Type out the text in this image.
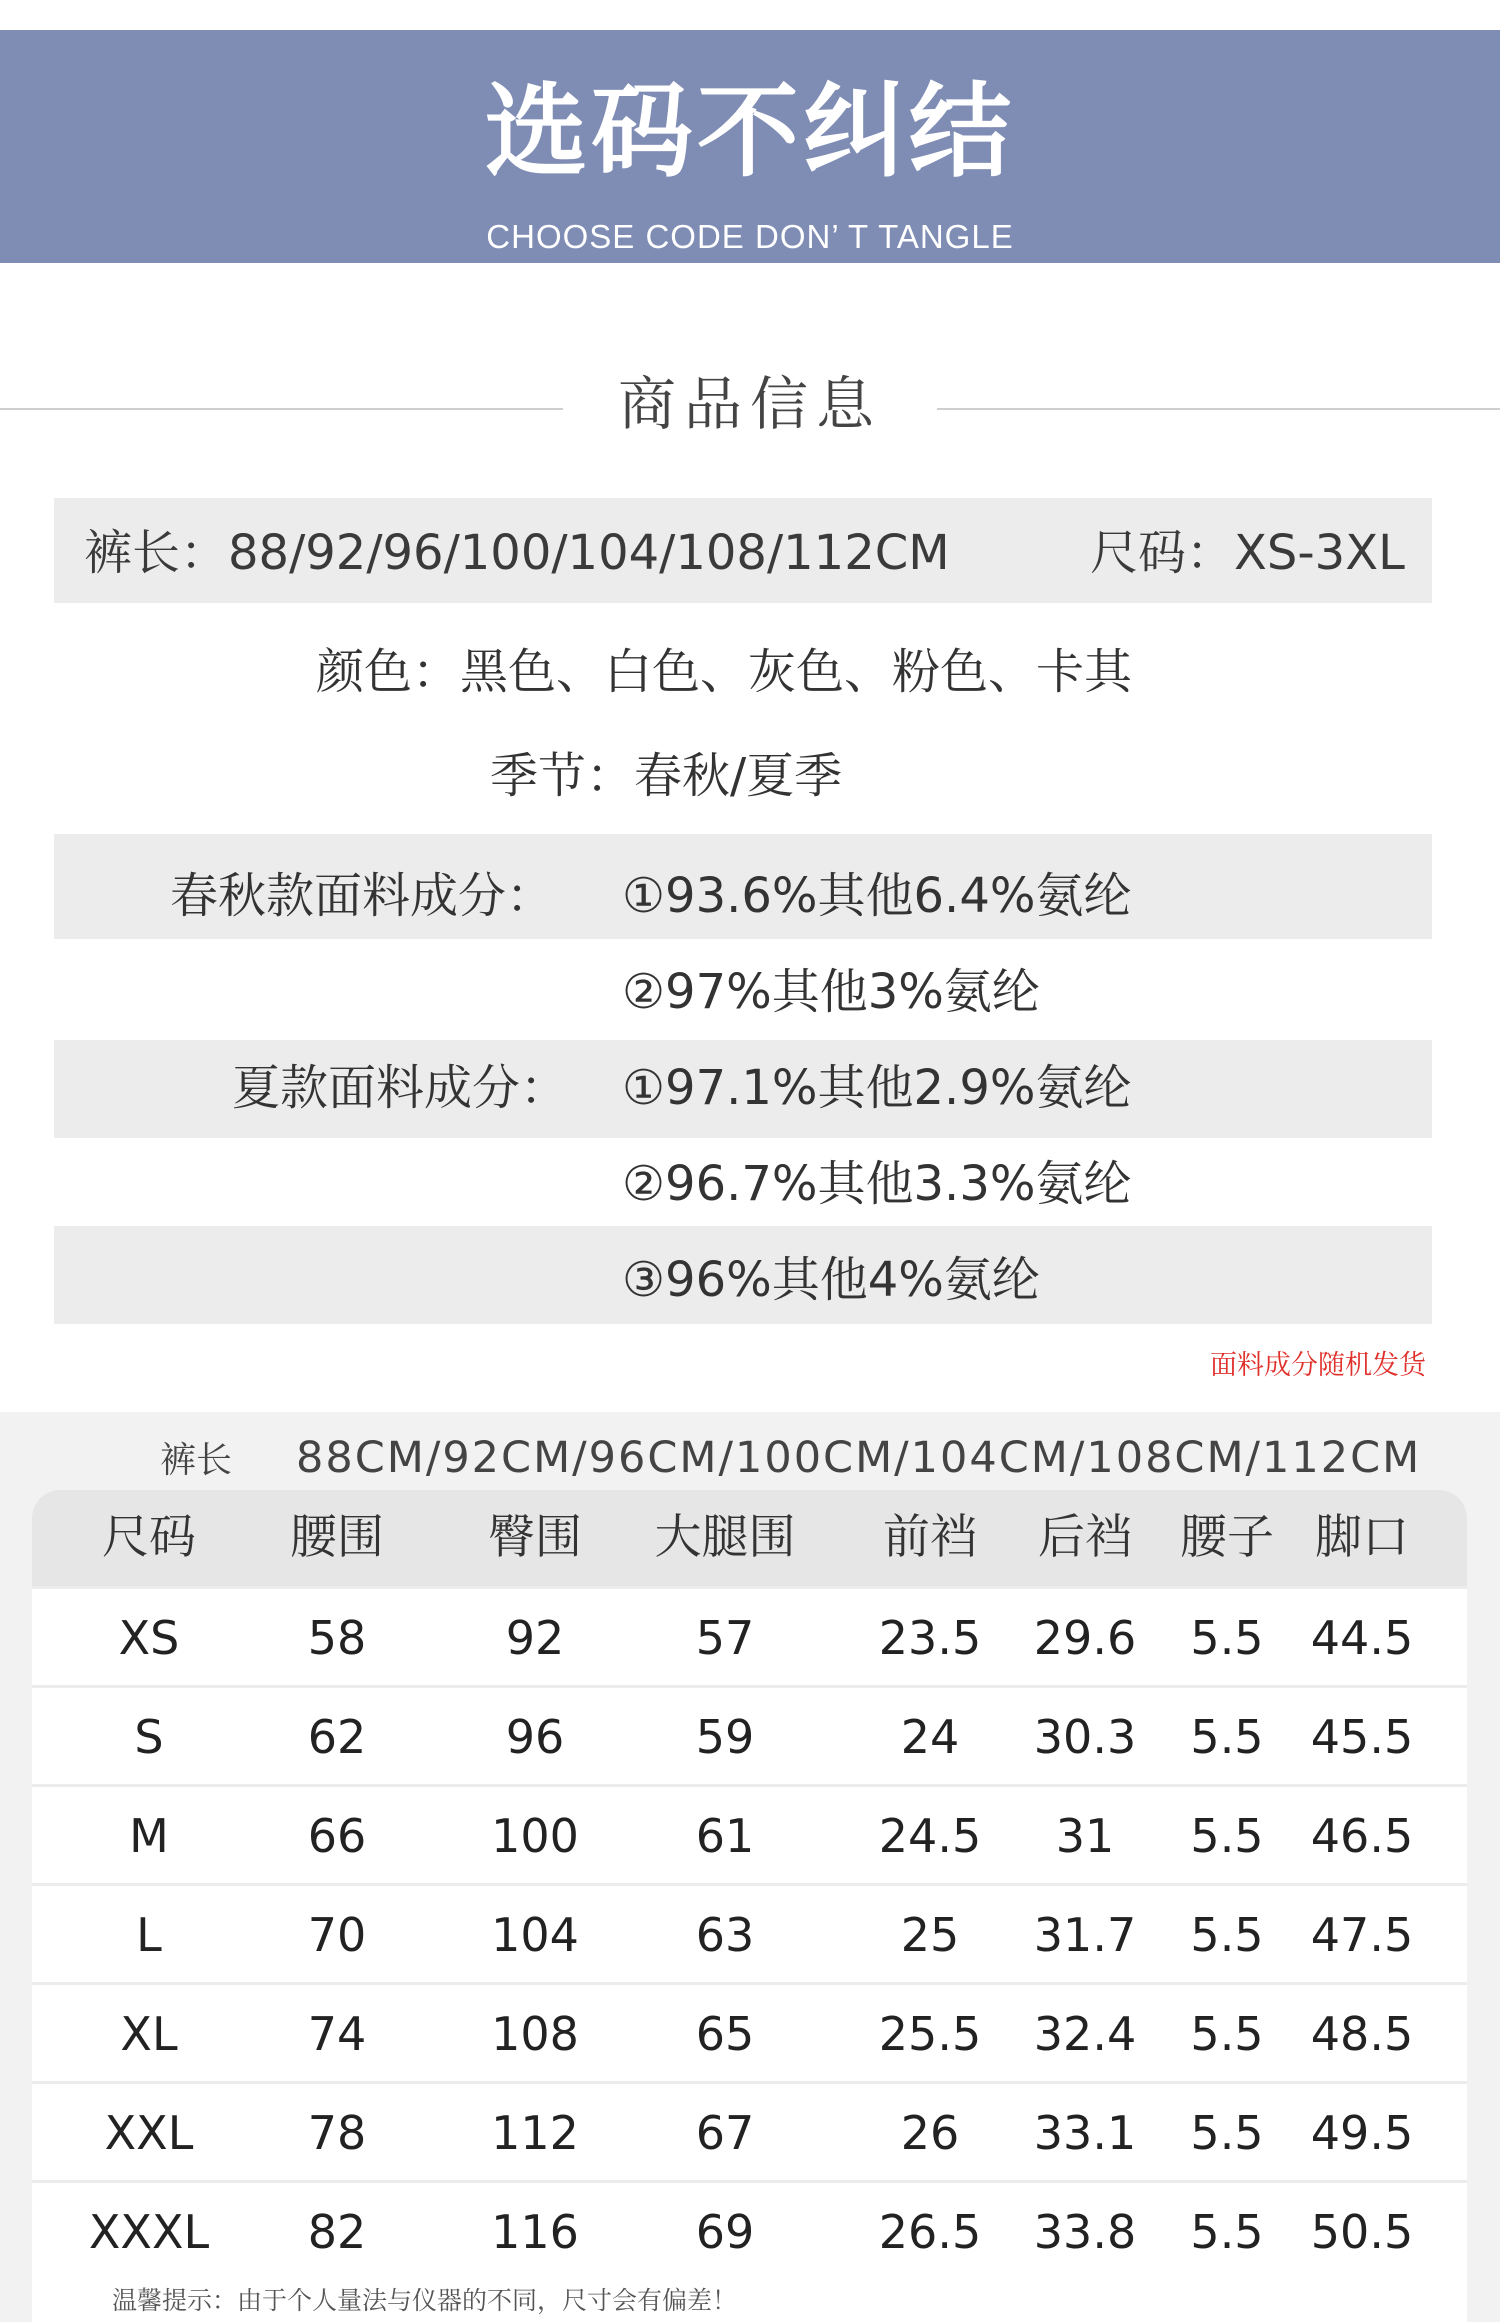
选码不纠结
CHOOSE CODE DON’ T TANGLE
商品信息
裤长：88/92/96/100/104/108/112CM	尺码：XS-3XL
颜色：黑色、白色、灰色、粉色、卡其
季节：春秋/夏季
春秋款面料成分： ①93.6%其他6.4%氨纶
②97%其他3%氨纶
夏款面料成分： ①97.1%其他2.9%氨纶
②96.7%其他3.3%氨纶
③96%其他4%氨纶
面料成分随机发货
裤长 88CM/92CM/96CM/100CM/104CM/108CM/112CM
尺码 腰围 臀围 大腿围 前裆 后裆 腰子 脚口
XS	58	92	57	23.5 29.6 5.5 44.5
S	62	96	59	24 30.3 5.5 45.5
M	66	100	61	24.5 31 5.5 46.5
L	70	104	63	25 31.7 5.5 47.5
XL	74	108	65	25.5 32.4 5.5 48.5
XXL 78	112	67	26 33.1 5.5 49.5
XXXL 82	116	69	26.5 33.8 5.5 50.5
温馨提示：由于个人量法与仪器的不同，尺寸会有偏差！
